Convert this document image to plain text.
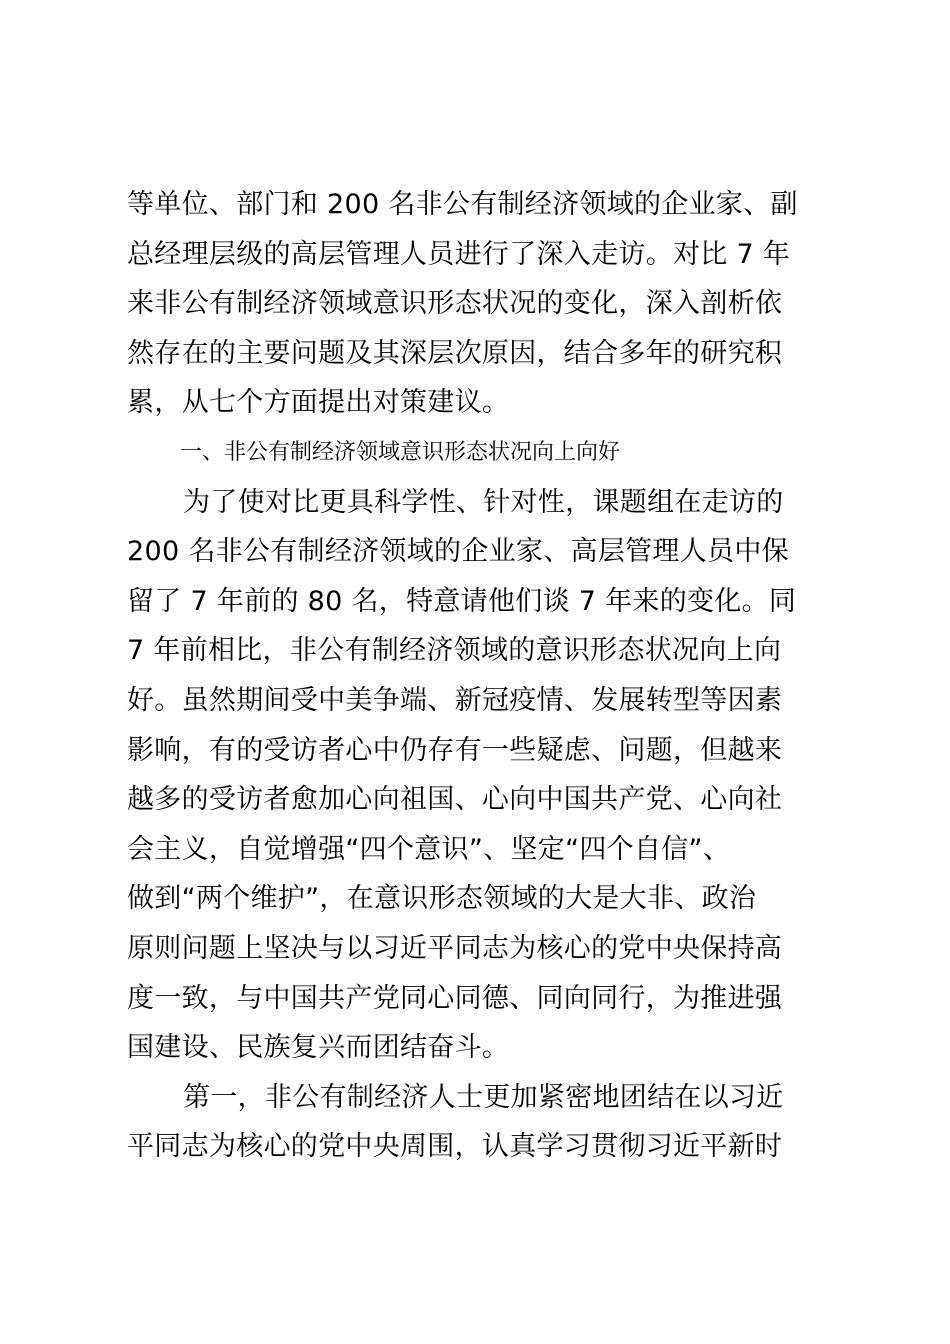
等单位、部门和 200 名非公有制经济领域的企业家、副
总经理层级的高层管理人员进行了深入走访。对比 7 年
来非公有制经济领域意识形态状况的变化，深入剖析依
然存在的主要问题及其深层次原因，结合多年的研究积
累，从七个方面提出对策建议。

一、非公有制经济领域意识形态状况向上向好

为了使对比更具科学性、针对性，课题组在走访的
200 名非公有制经济领域的企业家、高层管理人员中保
留了 7 年前的 80 名，特意请他们谈 7 年来的变化。同
7 年前相比，非公有制经济领域的意识形态状况向上向
好。虽然期间受中美争端、新冠疫情、发展转型等因素
影响，有的受访者心中仍存有一些疑虑、问题，但越来
越多的受访者愈加心向祖国、心向中国共产党、心向社
会主义，自觉增强“四个意识”、坚定“四个自信”、
做到“两个维护”，在意识形态领域的大是大非、政治
原则问题上坚决与以习近平同志为核心的党中央保持高
度一致，与中国共产党同心同德、同向同行，为推进强
国建设、民族复兴而团结奋斗。

第一，非公有制经济人士更加紧密地团结在以习近
平同志为核心的党中央周围，认真学习贯彻习近平新时
